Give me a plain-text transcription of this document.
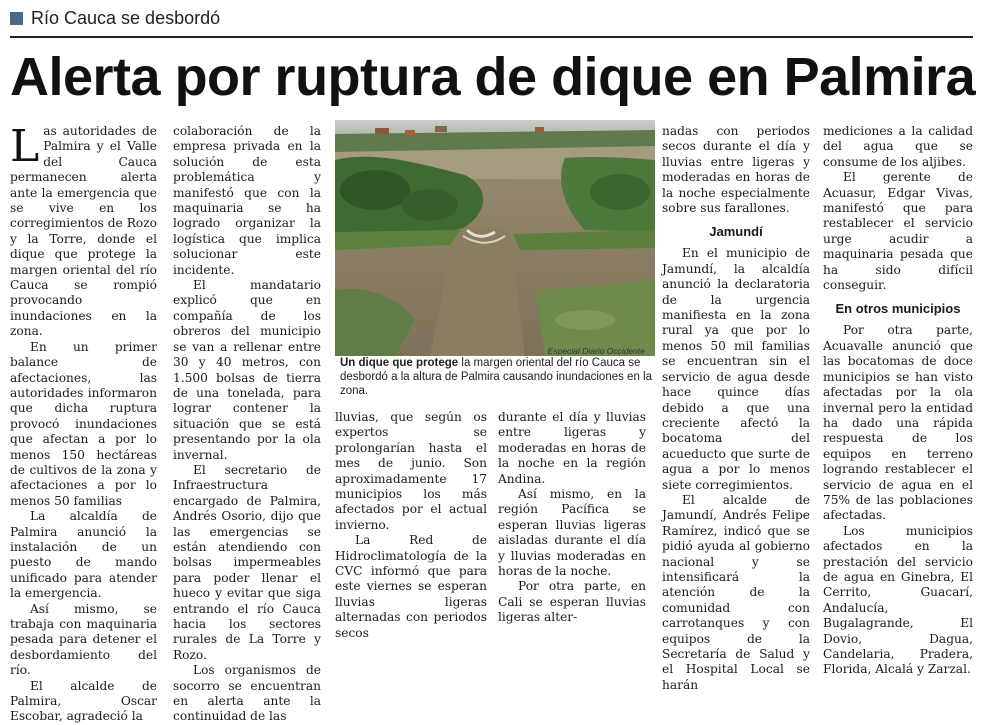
Río Cauca se desbordó
Alerta por ruptura de dique en Palmira

Las autoridades de Palmira y el Valle del Cauca permanecen alerta ante la emergencia que se vive en los corregimientos de Rozo y la Torre, donde el dique que protege la margen oriental del río Cauca se rompió provocando inundaciones en la zona.

En un primer balance de afectaciones, las autoridades informaron que dicha ruptura provocó inundaciones que afectan a por lo menos 150 hectáreas de cultivos de la zona y afectaciones a por lo menos 50 familias

La alcaldía de Palmira anunció la instalación de un puesto de mando unificado para atender la emergencia.

Así mismo, se trabaja con maquinaria pesada para detener el desbordamiento del río.

El alcalde de Palmira, Oscar Escobar, agradeció la

colaboración de la empresa privada en la solución de esta problemática y manifestó que con la maquinaria se ha logrado organizar la logística que implica solucionar este incidente.

El mandatario explicó que en compañía de los obreros del municipio se van a rellenar entre 30 y 40 metros, con 1.500 bolsas de tierra de una tonelada, para lograr contener la situación que se está presentando por la ola invernal.

El secretario de Infraestructura encargado de Palmira, Andrés Osorio, dijo que las emergencias se están atendiendo con bolsas impermeables para poder llenar el hueco y evitar que siga entrando el río Cauca hacia los sectores rurales de La Torre y Rozo.

Los organismos de socorro se encuentran en alerta ante la continuidad de las

Especial Diario Occidente
Un dique que protege la margen oriental del río Cauca se desbordó a la altura de Palmira causando inundaciones en la zona.

lluvias, que según os expertos se prolongarían hasta el mes de junio. Son aproximadamente 17 municipios los más afectados por el actual invierno.

La Red de Hidroclimatología de la CVC informó que para este viernes se esperan lluvias ligeras alternadas con periodos secos

durante el día y lluvias entre ligeras y moderadas en horas de la noche en la región Andina.

Así mismo, en la región Pacífica se esperan lluvias ligeras aisladas durante el día y lluvias moderadas en horas de la noche.

Por otra parte, en Cali se esperan lluvias ligeras alter-

nadas con periodos secos durante el día y lluvias entre ligeras y moderadas en horas de la noche especialmente sobre sus farallones.

Jamundí

En el municipio de Jamundí, la alcaldía anunció la declaratoria de la urgencia manifiesta en la zona rural ya que por lo menos 50 mil familias se encuentran sin el servicio de agua desde hace quince días debido a que una creciente afectó la bocatoma del acueducto que surte de agua a por lo menos siete corregimientos.

El alcalde de Jamundí, Andrés Felipe Ramírez, indicó que se pidió ayuda al gobierno nacional y se intensificará la atención de la comunidad con carrotanques y con equipos de la Secretaría de Salud y el Hospital Local se harán

mediciones a la calidad del agua que se consume de los aljibes.

El gerente de Acuasur, Edgar Vivas, manifestó que para restablecer el servicio urge acudir a maquinaria pesada que ha sido difícil conseguir.

En otros municipios

Por otra parte, Acuavalle anunció que las bocatomas de doce municipios se han visto afectadas por la ola invernal pero la entidad ha dado una rápida respuesta de los equipos en terreno logrando restablecer el servicio de agua en el 75% de las poblaciones afectadas.

Los municipios afectados en la prestación del servicio de agua en Ginebra, El Cerrito, Guacarí, Andalucía, Bugalagrande, El Dovio, Dagua, Candelaria, Pradera, Florida, Alcalá y Zarzal.
